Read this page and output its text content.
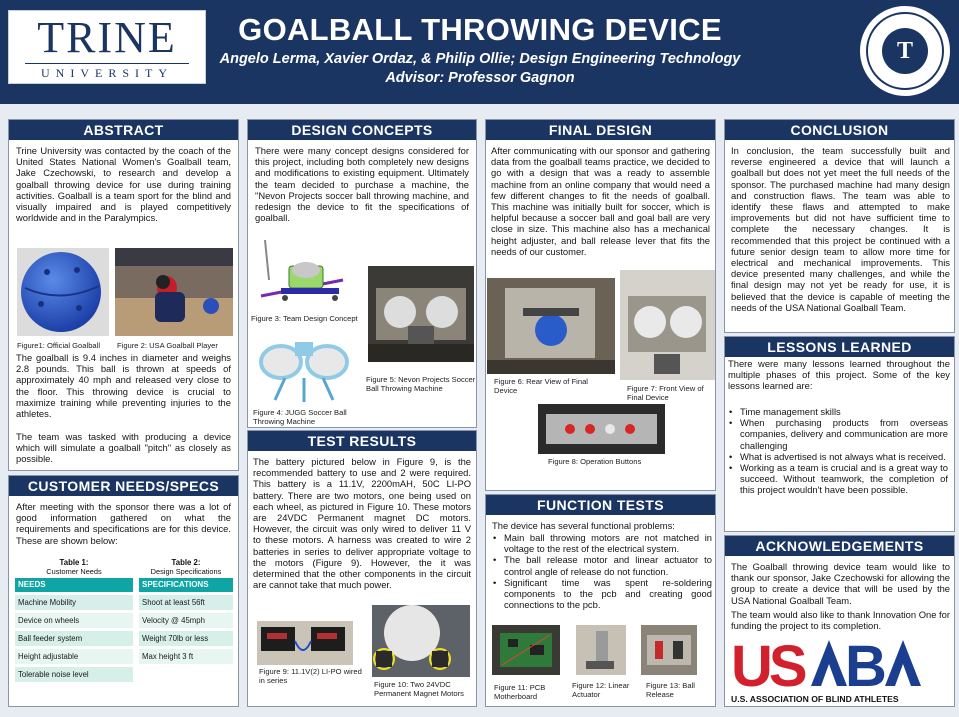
TRINE
UNIVERSITY
GOALBALL THROWING DEVICE
Angelo Lerma, Xavier Ordaz, & Philip Ollie; Design Engineering Technology
Advisor: Professor Gagnon
T
ABSTRACT
Trine University was contacted by the coach of the United States National Women's Goalball team, Jake Czechowski, to research and develop a goalball throwing device for use during training activities. Goalball is a team sport for the blind and visually impaired and is played competitively worldwide and in the Paralympics.
Figure1: Official Goalball	Figure 2: USA Goalball Player
The goalball is 9.4 inches in diameter and weighs 2.8 pounds. This ball is thrown at speeds of approximately 40 mph and released very close to the floor. This throwing device is crucial to maximize training while preventing injuries to the athletes.
The team was tasked with producing a device which will simulate a goalball "pitch" as closely as possible.
CUSTOMER NEEDS/SPECS
After meeting with the sponsor there was a lot of good information gathered on what the requirements and specifications are for this device. These are shown below:
Table 1:
Customer Needs
NEEDS
Machine Mobility
Device on wheels
Ball feeder system
Height adjustable
Tolerable noise level
Table 2:
Design Specifications
SPECIFICATIONS
Shoot at least 56ft
Velocity @ 45mph
Weight 70lb or less
Max height 3 ft
DESIGN CONCEPTS
There were many concept designs considered for this project, including both completely new designs and modifications to existing equipment. Ultimately the team decided to purchase a machine, the "Nevon Projects soccer ball throwing machine, and redesign the device to fit the specifications of goalball.
Figure 3: Team Design Concept
Figure 5: Nevon Projects Soccer Ball Throwing Machine
Figure 4: JUGG Soccer Ball Throwing Machine
TEST RESULTS
The battery pictured below in Figure 9, is the recommended battery to use and 2 were required. This battery is a 11.1V, 2200mAH, 50C LI-PO battery. There are two motors, one being used on each wheel, as pictured in Figure 10. These motors are 24VDC Permanent magnet DC motors. However, the circuit was only wired to deliver 11 V to these motors. A harness was created to wire 2 batteries in series to deliver appropriate voltage to the motors (Figure 9). However, the it was determined that the other components in the circuit are cannot take that much power.
Figure 9: 11.1V(2) LI-PO wired in series	Figure 10: Two 24VDC Permanent Magnet Motors
FINAL DESIGN
After communicating with our sponsor and gathering data from the goalball teams practice, we decided to go with a design that was a ready to assemble machine from an online company that would need a few different changes to fit the needs of goalball. This machine was initially built for soccer, which is helpful because a soccer ball and goal ball are very close in size. This machine also has a mechanical height adjuster, and ball release lever that fits the needs of our customer.
Figure 6: Rear View of Final Device	Figure 7: Front View of Final Device
Figure 8: Operation Buttons
FUNCTION TESTS
The device has several functional problems:
• Main ball throwing motors are not matched in voltage to the rest of the electrical system.
• The ball release motor and linear actuator to control angle of release do not function.
• Significant time was spent re-soldering components to the pcb and creating good connections to the pcb.
Figure 11: PCB Motherboard
Figure 12: Linear Actuator
Figure 13: Ball Release
CONCLUSION
In conclusion, the team successfully built and reverse engineered a device that will launch a goalball but does not yet meet the full needs of the sponsor. The purchased machine had many design and construction flaws. The team was able to identify these flaws and attempted to make improvements but did not have sufficient time to complete the necessary changes. It is recommended that this project be continued with a future senior design team to allow more time for electrical and mechanical improvements. This device presented many challenges, and while the final design may not yet be ready for use, it is believed that the device is capable of meeting the needs of the USA National Goalball Team.
LESSONS LEARNED
There were many lessons learned throughout the multiple phases of this project. Some of the key lessons learned are:
• Time management skills
• When purchasing products from overseas companies, delivery and communication are more challenging
• What is advertised is not always what is received.
• Working as a team is crucial and is a great way to succeed. Without teamwork, the completion of this project wouldn't have been possible.
ACKNOWLEDGEMENTS
The Goalball throwing device team would like to thank our sponsor, Jake Czechowski for allowing the group to create a device that will be used by the USA National Goalball Team.
The team would also like to thank Innovation One for funding the project to its completion.
US B
U.S. ASSOCIATION OF BLIND ATHLETES
